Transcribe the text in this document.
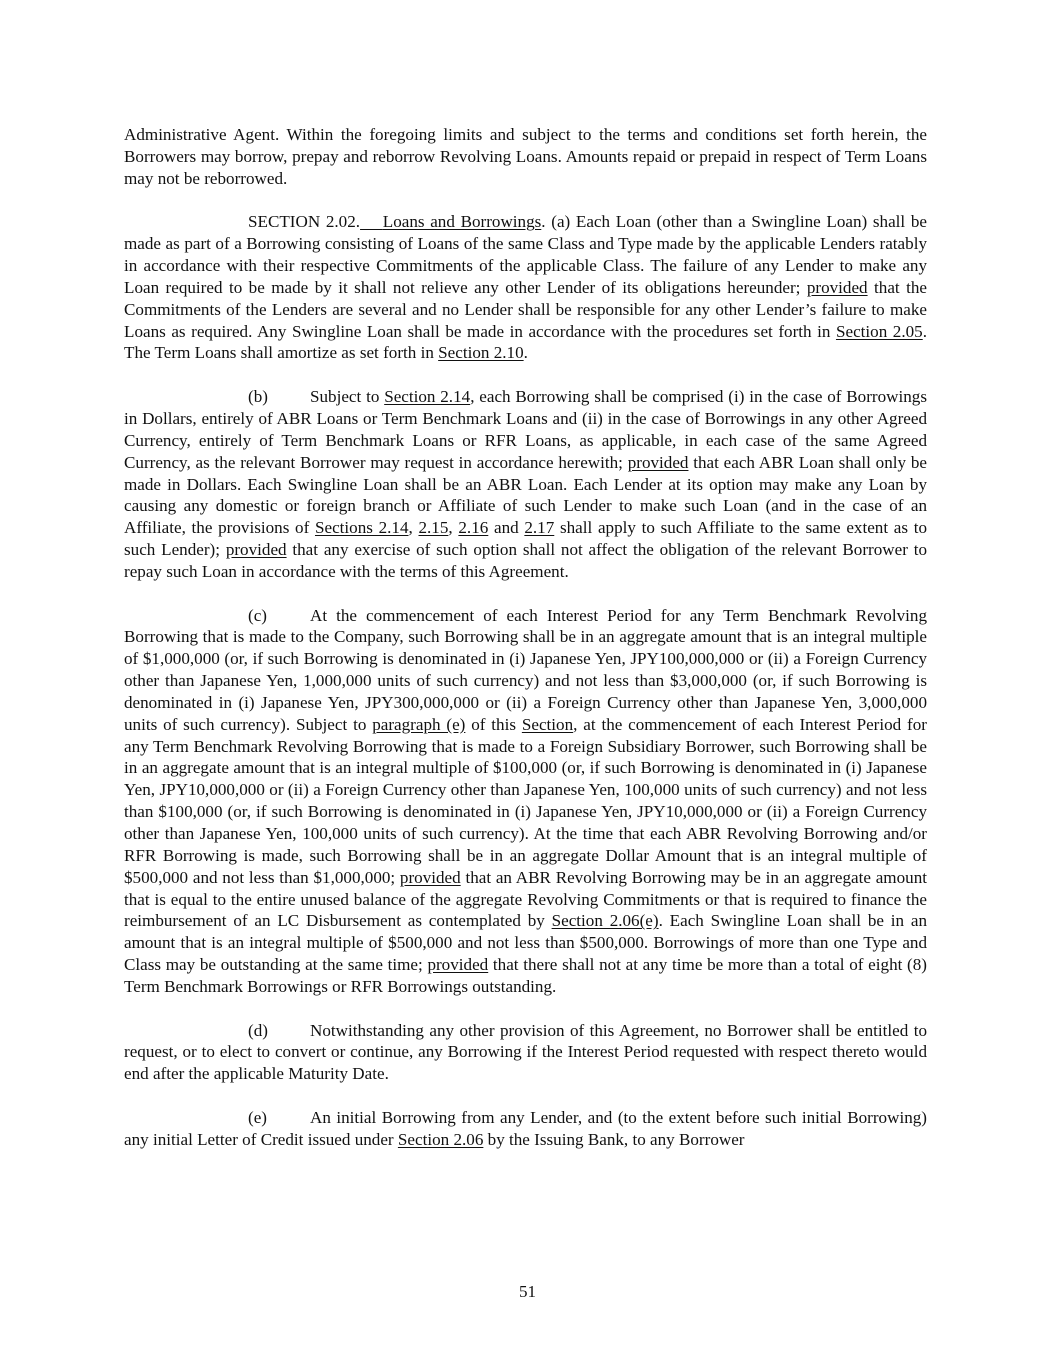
Administrative Agent. Within the foregoing limits and subject to the terms and conditions set forth herein, the Borrowers may borrow, prepay and reborrow Revolving Loans. Amounts repaid or prepaid in respect of Term Loans may not be reborrowed.

SECTION 2.02. Loans and Borrowings. (a) Each Loan (other than a Swingline Loan) shall be made as part of a Borrowing consisting of Loans of the same Class and Type made by the applicable Lenders ratably in accordance with their respective Commitments of the applicable Class. The failure of any Lender to make any Loan required to be made by it shall not relieve any other Lender of its obligations hereunder; provided that the Commitments of the Lenders are several and no Lender shall be responsible for any other Lender’s failure to make Loans as required. Any Swingline Loan shall be made in accordance with the procedures set forth in Section 2.05. The Term Loans shall amortize as set forth in Section 2.10.

(b) Subject to Section 2.14, each Borrowing shall be comprised (i) in the case of Borrowings in Dollars, entirely of ABR Loans or Term Benchmark Loans and (ii) in the case of Borrowings in any other Agreed Currency, entirely of Term Benchmark Loans or RFR Loans, as applicable, in each case of the same Agreed Currency, as the relevant Borrower may request in accordance herewith; provided that each ABR Loan shall only be made in Dollars. Each Swingline Loan shall be an ABR Loan. Each Lender at its option may make any Loan by causing any domestic or foreign branch or Affiliate of such Lender to make such Loan (and in the case of an Affiliate, the provisions of Sections 2.14, 2.15, 2.16 and 2.17 shall apply to such Affiliate to the same extent as to such Lender); provided that any exercise of such option shall not affect the obligation of the relevant Borrower to repay such Loan in accordance with the terms of this Agreement.

(c)	At the commencement of each Interest Period for any Term Benchmark Revolving Borrowing that is made to the Company, such Borrowing shall be in an aggregate amount that is an integral multiple of $1,000,000 (or, if such Borrowing is denominated in (i) Japanese Yen, JPY100,000,000 or (ii) a Foreign Currency other than Japanese Yen, 1,000,000 units of such currency) and not less than $3,000,000 (or, if such Borrowing is denominated in (i) Japanese Yen, JPY300,000,000 or (ii) a Foreign Currency other than Japanese Yen, 3,000,000 units of such currency). Subject to paragraph (e) of this Section, at the commencement of each Interest Period for any Term Benchmark Revolving Borrowing that is made to a Foreign Subsidiary Borrower, such Borrowing shall be in an aggregate amount that is an integral multiple of $100,000 (or, if such Borrowing is denominated in (i) Japanese Yen, JPY10,000,000 or (ii) a Foreign Currency other than Japanese Yen, 100,000 units of such currency) and not less than $100,000 (or, if such Borrowing is denominated in (i) Japanese Yen, JPY10,000,000 or (ii) a Foreign Currency other than Japanese Yen, 100,000 units of such currency). At the time that each ABR Revolving Borrowing and/or RFR Borrowing is made, such Borrowing shall be in an aggregate Dollar Amount that is an integral multiple of $500,000 and not less than $1,000,000; provided that an ABR Revolving Borrowing may be in an aggregate amount that is equal to the entire unused balance of the aggregate Revolving Commitments or that is required to finance the reimbursement of an LC Disbursement as contemplated by Section 2.06(e). Each Swingline Loan shall be in an amount that is an integral multiple of $500,000 and not less than $500,000. Borrowings of more than one Type and Class may be outstanding at the same time; provided that there shall not at any time be more than a total of eight (8) Term Benchmark Borrowings or RFR Borrowings outstanding.

(d) Notwithstanding any other provision of this Agreement, no Borrower shall be entitled to request, or to elect to convert or continue, any Borrowing if the Interest Period requested with respect thereto would end after the applicable Maturity Date.

(e)	An initial Borrowing from any Lender, and (to the extent before such initial Borrowing) any initial Letter of Credit issued under Section 2.06 by the Issuing Bank, to any Borrower

51
